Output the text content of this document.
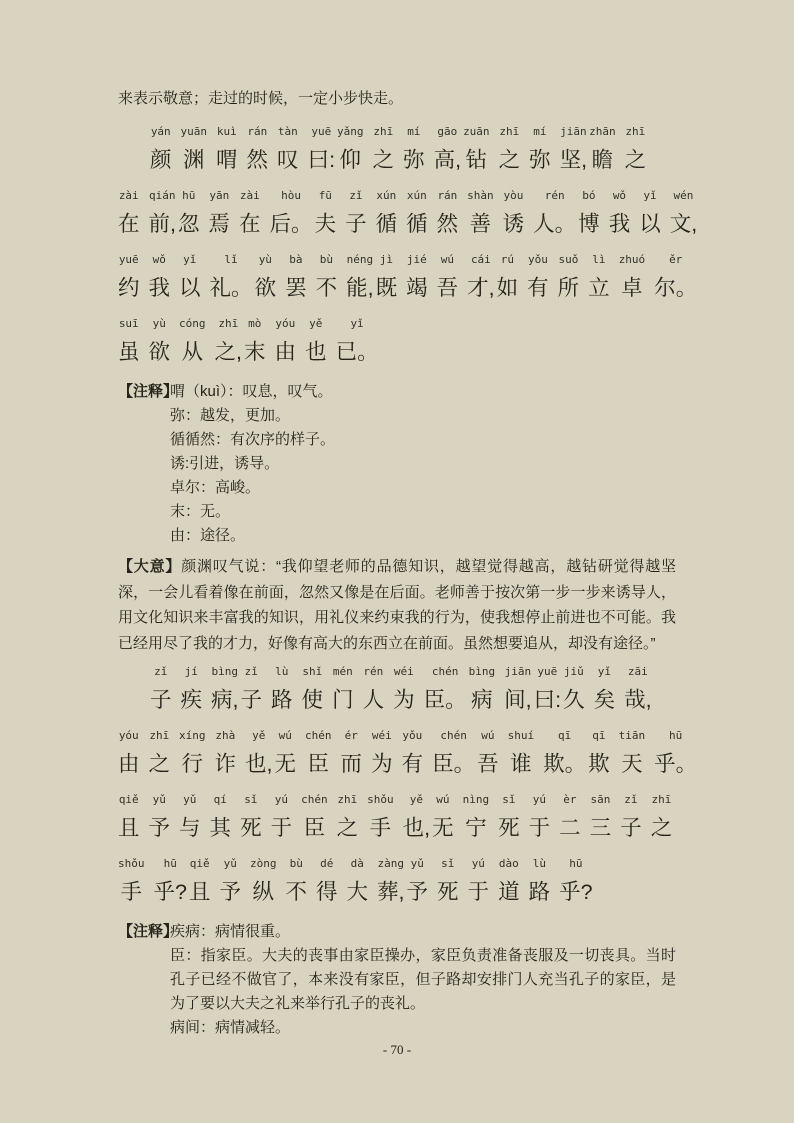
来表示敬意；走过的时候，一定小步快走。

yán
颜
yuān
渊
kuì
喟
rán
然
tàn
叹
yuē
曰:
yǎng
仰
zhī
之
mí
弥
gāo
高,
zuān
钻
zhī
之
mí
弥
jiān
坚,
zhān
瞻
zhī
之
zài
在
qián
前,
hū
忽
yān
焉
zài
在
hòu
后。
fū
夫
zǐ
子
xún
循
xún
循
rán
然
shàn
善
yòu
诱
rén
人。
bó
博
wǒ
我
yǐ
以
wén
文,
yuē
约
wǒ
我
yǐ
以
lǐ
礼。
yù
欲
bà
罢
bù
不
néng
能,
jì
既
jié
竭
wú
吾
cái
才,
rú
如
yǒu
有
suǒ
所
lì
立
zhuó
卓
ěr
尔。
suī
虽
yù
欲
cóng
从
zhī
之,
mò
末
yóu
由
yě
也
yǐ
已。
【注释】
喟（kuì）：叹息，叹气。
弥：越发，更加。
循循然：有次序的样子。
诱:引进，诱导。
卓尔：高峻。
末：无。
由：途径。

【大意】颜渊叹气说：“我仰望老师的品德知识，越望觉得越高，越钻研觉得越坚深，一会儿看着像在前面，忽然又像是在后面。老师善于按次第一步一步来诱导人，用文化知识来丰富我的知识，用礼仪来约束我的行为，使我想停止前进也不可能。我已经用尽了我的才力，好像有高大的东西立在前面。虽然想要追从，却没有途径。”

zǐ
子
jí
疾
bìng
病,
zǐ
子
lù
路
shǐ
使
mén
门
rén
人
wéi
为
chén
臣。
bìng
病
jiān
间,
yuē
曰:
jiǔ
久
yǐ
矣
zāi
哉,
yóu
由
zhī
之
xíng
行
zhà
诈
yě
也,
wú
无
chén
臣
ér
而
wéi
为
yǒu
有
chén
臣。
wú
吾
shuí
谁
qī
欺。
qī
欺
tiān
天
hū
乎。
qiě
且
yǔ
予
yǔ
与
qí
其
sǐ
死
yú
于
chén
臣
zhī
之
shǒu
手
yě
也,
wú
无
nìng
宁
sǐ
死
yú
于
èr
二
sān
三
zǐ
子
zhī
之
shǒu
手
hū
乎?
qiě
且
yǔ
予
zòng
纵
bù
不
dé
得
dà
大
zàng
葬,
yǔ
予
sǐ
死
yú
于
dào
道
lù
路
hū
乎?
【注释】
疾病：病情很重。
臣：指家臣。大夫的丧事由家臣操办，家臣负责准备丧服及一切丧具。当时孔子已经不做官了，本来没有家臣，但子路却安排门人充当孔子的家臣，是为了要以大夫之礼来举行孔子的丧礼。
病间：病情减轻。
- 70 -
